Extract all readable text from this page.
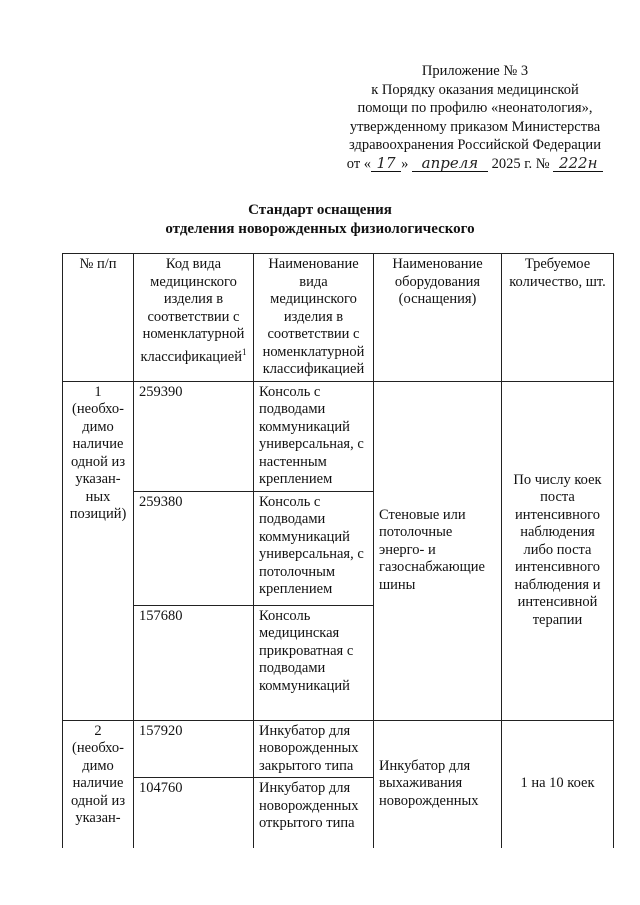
Приложение № 3
к Порядку оказания медицинской
помощи по профилю «неонатология»,
утвержденному приказом Министерства
здравоохранения Российской Федерации
от « 17 » апреля 2025 г. № 222н
Стандарт оснащения
отделения новорожденных физиологического
№ п/п	Код вида медицинского изделия в соответствии с номенклатурной классификацией$^1$	Наименование вида медицинского изделия в соответствии с номенклатурной классификацией	Наименование оборудования (оснащения)	Требуемое количество, шт.
1 (необхо-димо наличие одной из указан-ных позиций)	259390	Консоль с подводами коммуникаций универсальная, с настенным креплением	Стеновые или потолочные энерго- и газоснабжающие шины	По числу коек поста интенсивного наблюдения либо поста интенсивного наблюдения и интенсивной терапии
	259380	Консоль с подводами коммуникаций универсальная, с потолочным креплением		
	157680	Консоль медицинская прикроватная с подводами коммуникаций		
2 (необхо-димо наличие одной из указан-	157920	Инкубатор для новорожденных закрытого типа	Инкубатор для выхаживания новорожденных	1 на 10 коек
	104760	Инкубатор для новорожденных открытого типа		
